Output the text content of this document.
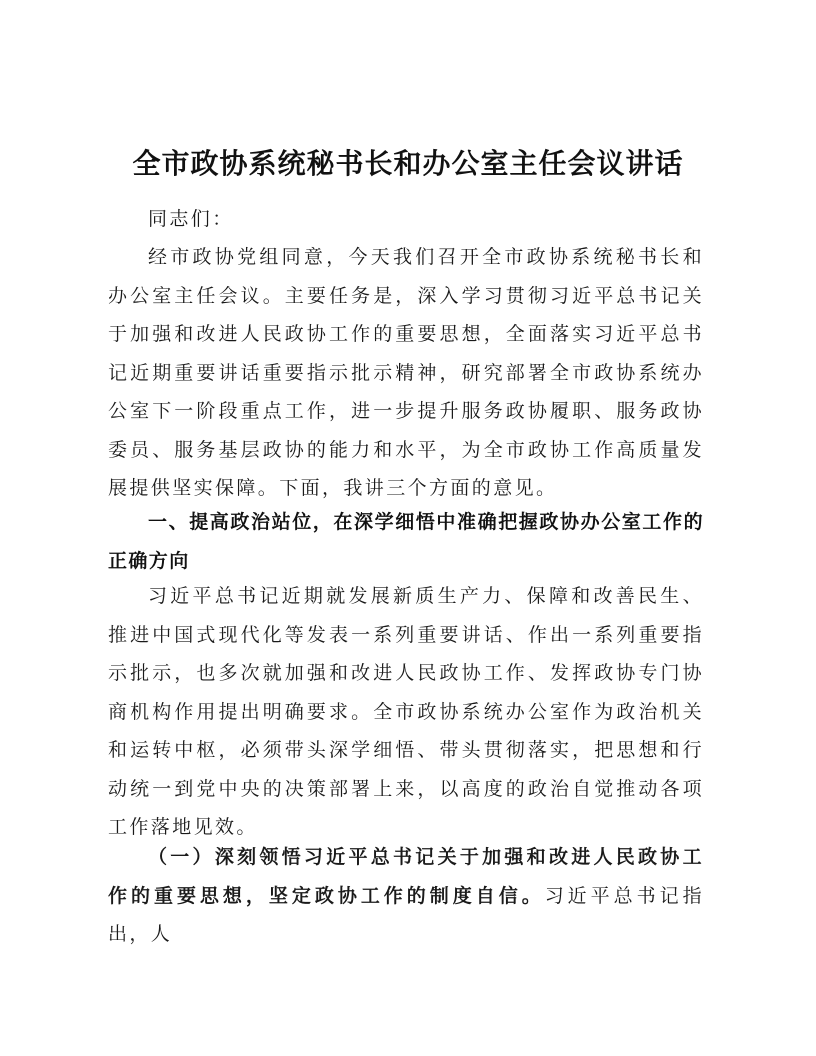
全市政协系统秘书长和办公室主任会议讲话
同志们：
经市政协党组同意，今天我们召开全市政协系统秘书长和办公室主任会议。主要任务是，深入学习贯彻习近平总书记关于加强和改进人民政协工作的重要思想，全面落实习近平总书记近期重要讲话重要指示批示精神，研究部署全市政协系统办公室下一阶段重点工作，进一步提升服务政协履职、服务政协委员、服务基层政协的能力和水平，为全市政协工作高质量发展提供坚实保障。下面，我讲三个方面的意见。
一、提高政治站位，在深学细悟中准确把握政协办公室工作的正确方向
习近平总书记近期就发展新质生产力、保障和改善民生、推进中国式现代化等发表一系列重要讲话、作出一系列重要指示批示，也多次就加强和改进人民政协工作、发挥政协专门协商机构作用提出明确要求。全市政协系统办公室作为政治机关和运转中枢，必须带头深学细悟、带头贯彻落实，把思想和行动统一到党中央的决策部署上来，以高度的政治自觉推动各项工作落地见效。
（一）深刻领悟习近平总书记关于加强和改进人民政协工作的重要思想，坚定政协工作的制度自信。习近平总书记指出，人
